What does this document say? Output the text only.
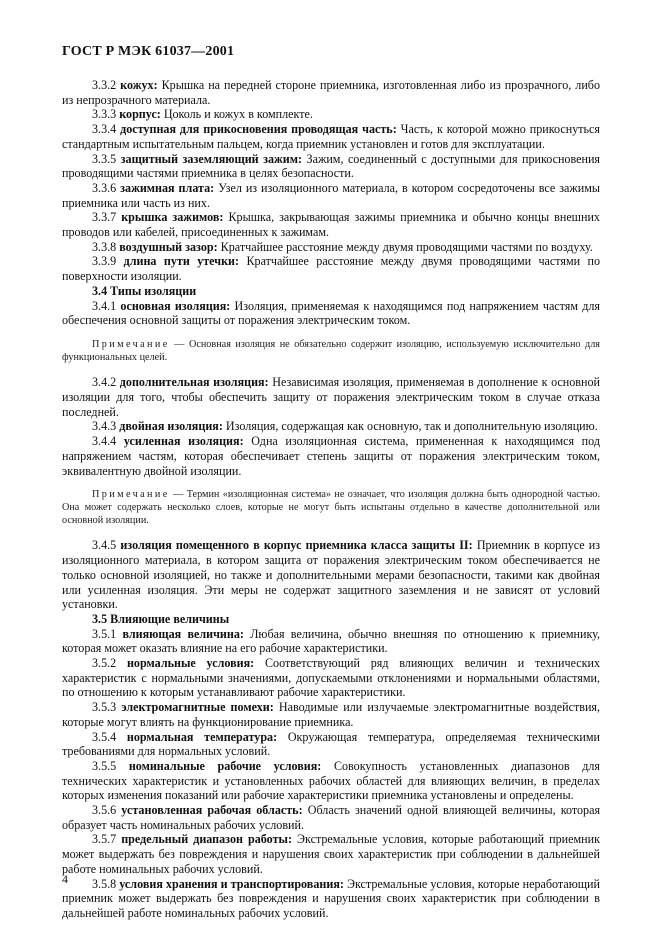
ГОСТ Р МЭК 61037—2001

3.3.2 кожух: Крышка на передней стороне приемника, изготовленная либо из прозрачного, либо из непрозрачного материала.

3.3.3 корпус: Цоколь и кожух в комплекте.

3.3.4 доступная для прикосновения проводящая часть: Часть, к которой можно прикоснуться стандартным испытательным пальцем, когда приемник установлен и готов для эксплуатации.

3.3.5 защитный заземляющий зажим: Зажим, соединенный с доступными для прикосновения проводящими частями приемника в целях безопасности.

3.3.6 зажимная плата: Узел из изоляционного материала, в котором сосредоточены все зажимы приемника или часть из них.

3.3.7 крышка зажимов: Крышка, закрывающая зажимы приемника и обычно концы внешних проводов или кабелей, присоединенных к зажимам.

3.3.8 воздушный зазор: Кратчайшее расстояние между двумя проводящими частями по воздуху.

3.3.9 длина пути утечки: Кратчайшее расстояние между двумя проводящими частями по поверхности изоляции.

3.4 Типы изоляции

3.4.1 основная изоляция: Изоляция, применяемая к находящимся под напряжением частям для обеспечения основной защиты от поражения электрическим током.

Примечание — Основная изоляция не обязательно содержит изоляцию, используемую исключительно для функциональных целей.

3.4.2 дополнительная изоляция: Независимая изоляция, применяемая в дополнение к основной изоляции для того, чтобы обеспечить защиту от поражения электрическим током в случае отказа последней.

3.4.3 двойная изоляция: Изоляция, содержащая как основную, так и дополнительную изоляцию.

3.4.4 усиленная изоляция: Одна изоляционная система, примененная к находящимся под напряжением частям, которая обеспечивает степень защиты от поражения электрическим током, эквивалентную двойной изоляции.

Примечание — Термин «изоляционная система» не означает, что изоляция должна быть однородной частью. Она может содержать несколько слоев, которые не могут быть испытаны отдельно в качестве дополнительной или основной изоляции.

3.4.5 изоляция помещенного в корпус приемника класса защиты II: Приемник в корпусе из изоляционного материала, в котором защита от поражения электрическим током обеспечивается не только основной изоляцией, но также и дополнительными мерами безопасности, такими как двойная или усиленная изоляция. Эти меры не содержат защитного заземления и не зависят от условий установки.

3.5 Влияющие величины

3.5.1 влияющая величина: Любая величина, обычно внешняя по отношению к приемнику, которая может оказать влияние на его рабочие характеристики.

3.5.2 нормальные условия: Соответствующий ряд влияющих величин и технических характеристик с нормальными значениями, допускаемыми отклонениями и нормальными областями, по отношению к которым устанавливают рабочие характеристики.

3.5.3 электромагнитные помехи: Наводимые или излучаемые электромагнитные воздействия, которые могут влиять на функционирование приемника.

3.5.4 нормальная температура: Окружающая температура, определяемая техническими требованиями для нормальных условий.

3.5.5 номинальные рабочие условия: Совокупность установленных диапазонов для технических характеристик и установленных рабочих областей для влияющих величин, в пределах которых изменения показаний или рабочие характеристики приемника установлены и определены.

3.5.6 установленная рабочая область: Область значений одной влияющей величины, которая образует часть номинальных рабочих условий.

3.5.7 предельный диапазон работы: Экстремальные условия, которые работающий приемник может выдержать без повреждения и нарушения своих характеристик при соблюдении в дальнейшей работе номинальных рабочих условий.

3.5.8 условия хранения и транспортирования: Экстремальные условия, которые неработающий приемник может выдержать без повреждения и нарушения своих характеристик при соблюдении в дальнейшей работе номинальных рабочих условий.

4
